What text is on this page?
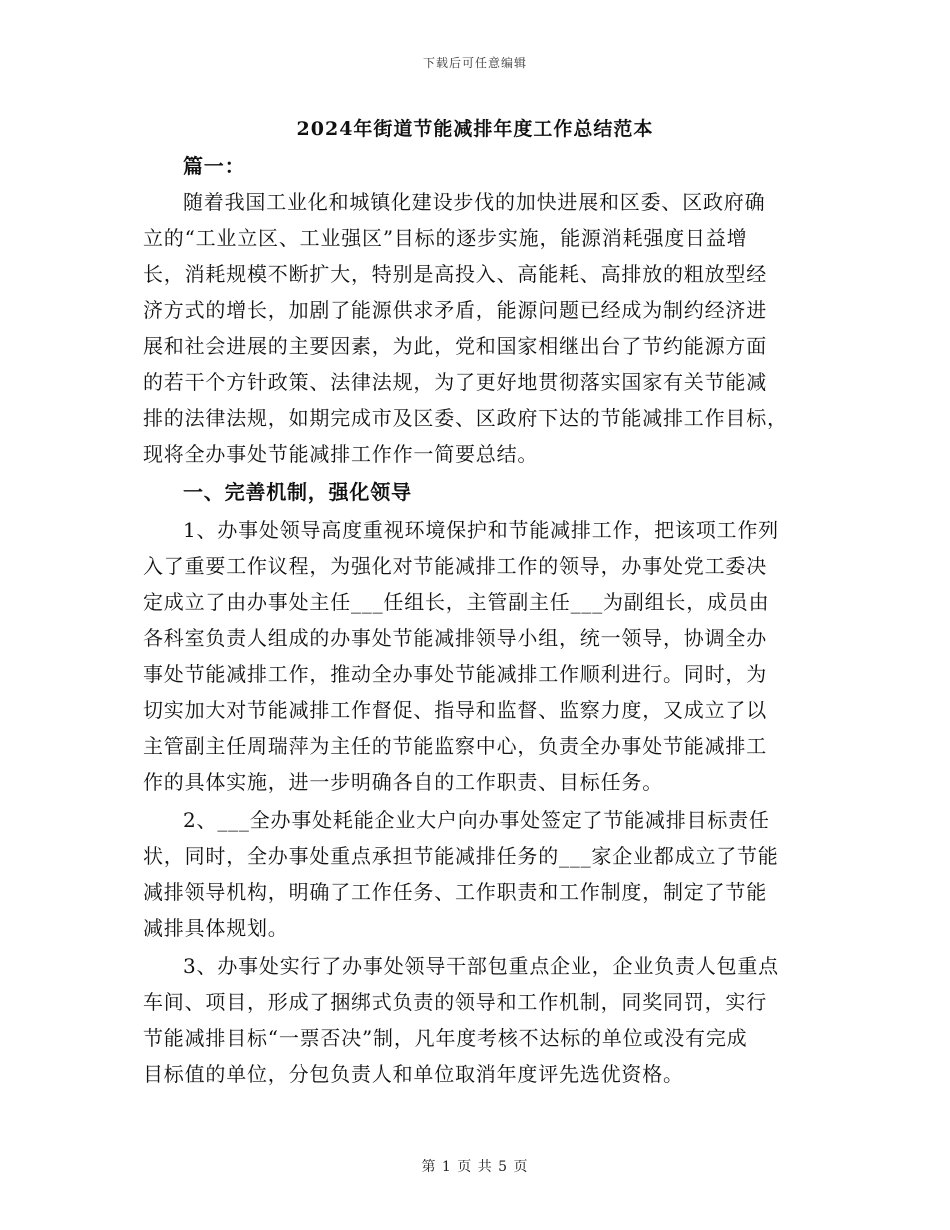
下载后可任意编辑
2024年街道节能减排年度工作总结范本
篇一：
随着我国工业化和城镇化建设步伐的加快进展和区委、区政府确
立的“工业立区、工业强区”目标的逐步实施，能源消耗强度日益增
长，消耗规模不断扩大，特别是高投入、高能耗、高排放的粗放型经
济方式的增长，加剧了能源供求矛盾，能源问题已经成为制约经济进
展和社会进展的主要因素，为此，党和国家相继出台了节约能源方面
的若干个方针政策、法律法规，为了更好地贯彻落实国家有关节能减
排的法律法规，如期完成市及区委、区政府下达的节能减排工作目标，
现将全办事处节能减排工作作一简要总结。
一、完善机制，强化领导
1、办事处领导高度重视环境保护和节能减排工作，把该项工作列
入了重要工作议程，为强化对节能减排工作的领导，办事处党工委决
定成立了由办事处主任___任组长，主管副主任___为副组长，成员由
各科室负责人组成的办事处节能减排领导小组，统一领导，协调全办
事处节能减排工作，推动全办事处节能减排工作顺利进行。同时，为
切实加大对节能减排工作督促、指导和监督、监察力度，又成立了以
主管副主任周瑞萍为主任的节能监察中心，负责全办事处节能减排工
作的具体实施，进一步明确各自的工作职责、目标任务。
2、___全办事处耗能企业大户向办事处签定了节能减排目标责任
状，同时，全办事处重点承担节能减排任务的___家企业都成立了节能
减排领导机构，明确了工作任务、工作职责和工作制度，制定了节能
减排具体规划。
3、办事处实行了办事处领导干部包重点企业，企业负责人包重点
车间、项目，形成了捆绑式负责的领导和工作机制，同奖同罚，实行
节能减排目标“一票否决”制，凡年度考核不达标的单位或没有完成
目标值的单位，分包负责人和单位取消年度评先选优资格。
第 1 页 共 5 页
